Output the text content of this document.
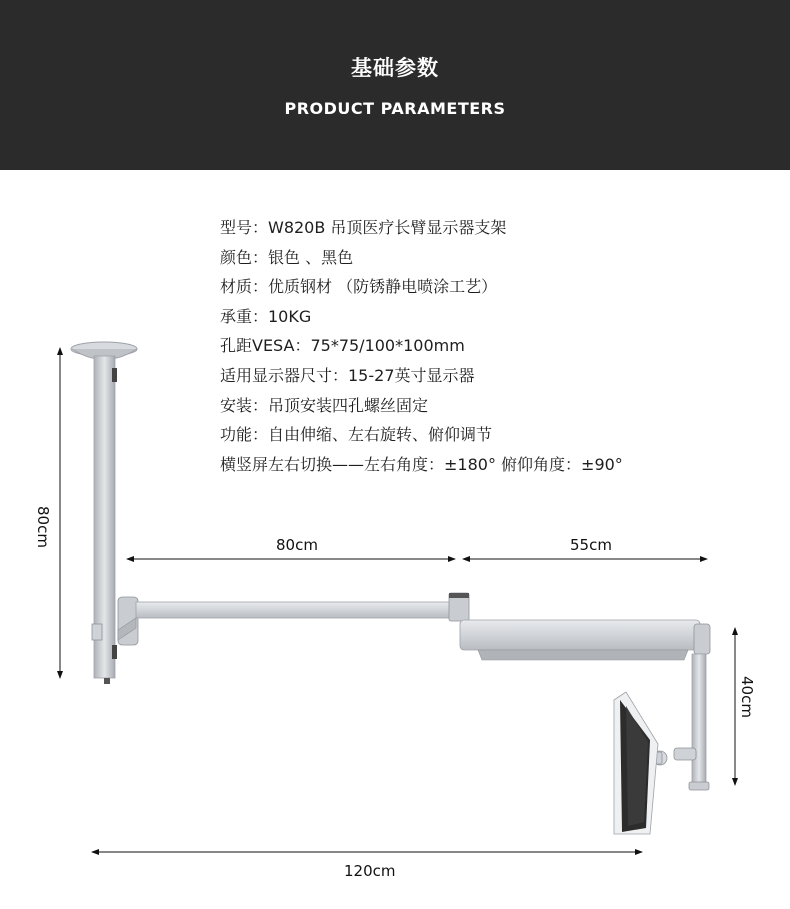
基础参数
PRODUCT PARAMETERS
型号：W820B 吊顶医疗长臂显示器支架
颜色：银色 、黑色
材质：优质钢材 （防锈静电喷涂工艺）
承重：10KG
孔距VESA：75*75/100*100mm
适用显示器尺寸：15-27英寸显示器
安装：吊顶安装四孔螺丝固定
功能：自由伸缩、左右旋转、俯仰调节
横竖屏左右切换——左右角度：±180° 俯仰角度：±90°
80cm	80cm	55cm
40cm
120cm
